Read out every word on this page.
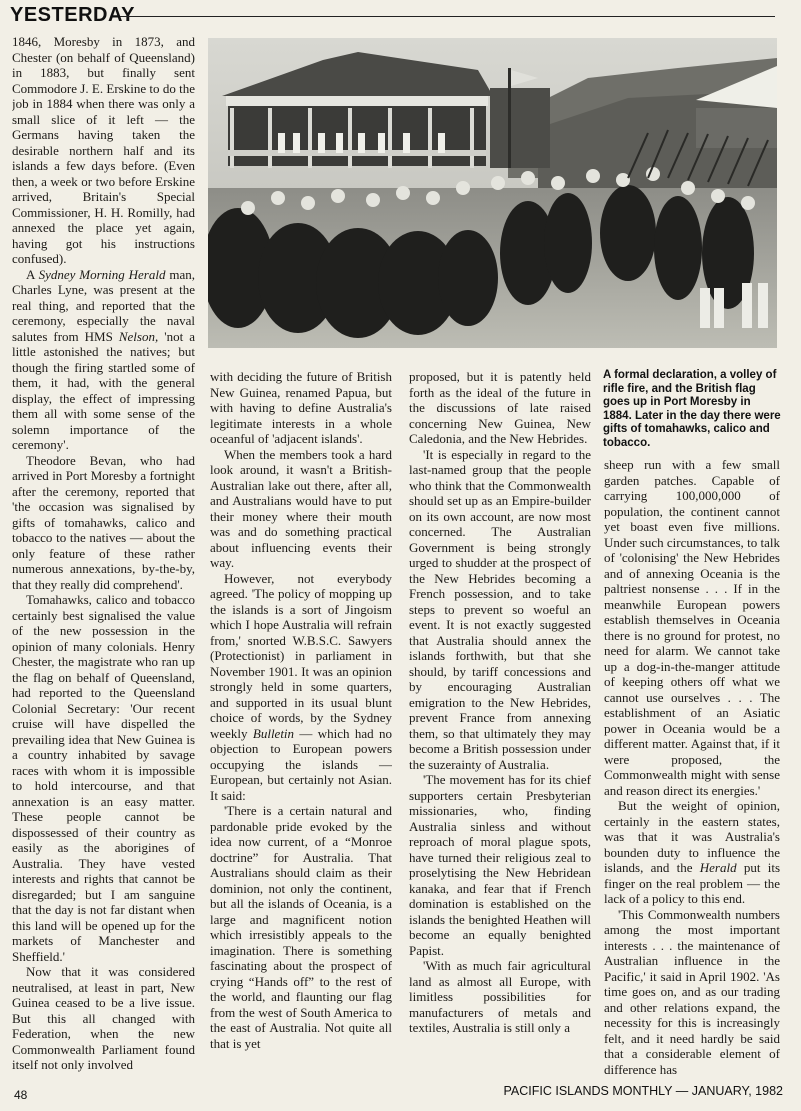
YESTERDAY
A formal declaration, a volley of rifle fire, and the British flag goes up in Port Moresby in 1884. Later in the day there were gifts of tomahawks, calico and tobacco.

1846, Moresby in 1873, and Chester (on behalf of Queensland) in 1883, but finally sent Commodore J. E. Erskine to do the job in 1884 when there was only a small slice of it left — the Germans having taken the desirable northern half and its islands a few days before. (Even then, a week or two before Erskine arrived, Britain's Special Commissioner, H. H. Romilly, had annexed the place yet again, having got his instructions confused).

A Sydney Morning Herald man, Charles Lyne, was present at the real thing, and reported that the ceremony, especially the naval salutes from HMS Nelson, 'not a little astonished the natives; but though the firing startled some of them, it had, with the general display, the effect of impressing them all with some sense of the solemn importance of the ceremony'.

Theodore Bevan, who had arrived in Port Moresby a fortnight after the ceremony, reported that 'the occasion was signalised by gifts of tomahawks, calico and tobacco to the natives — about the only feature of these rather numerous annexations, by-the-by, that they really did comprehend'.

Tomahawks, calico and tobacco certainly best signalised the value of the new possession in the opinion of many colonials. Henry Chester, the magistrate who ran up the flag on behalf of Queensland, had reported to the Queensland Colonial Secretary: 'Our recent cruise will have dispelled the prevailing idea that New Guinea is a country inhabited by savage races with whom it is impossible to hold intercourse, and that annexation is an easy matter. These people cannot be dispossessed of their country as easily as the aborigines of Australia. They have vested interests and rights that cannot be disregarded; but I am sanguine that the day is not far distant when this land will be opened up for the markets of Manchester and Sheffield.'

Now that it was considered neutralised, at least in part, New Guinea ceased to be a live issue. But this all changed with Federation, when the new Commonwealth Parliament found itself not only involved

with deciding the future of British New Guinea, renamed Papua, but with having to define Australia's legitimate interests in a whole oceanful of 'adjacent islands'.

When the members took a hard look around, it wasn't a British-Australian lake out there, after all, and Australians would have to put their money where their mouth was and do something practical about influencing events their way.

However, not everybody agreed. 'The policy of mopping up the islands is a sort of Jingoism which I hope Australia will refrain from,' snorted W.B.S.C. Sawyers (Protectionist) in parliament in November 1901. It was an opinion strongly held in some quarters, and supported in its usual blunt choice of words, by the Sydney weekly Bulletin — which had no objection to European powers occupying the islands — European, but certainly not Asian. It said:

'There is a certain natural and pardonable pride evoked by the idea now current, of a “Monroe doctrine” for Australia. That Australians should claim as their dominion, not only the continent, but all the islands of Oceania, is a large and magnificent notion which irresistibly appeals to the imagination. There is something fascinating about the prospect of crying “Hands off” to the rest of the world, and flaunting our flag from the west of South America to the east of Australia. Not quite all that is yet

proposed, but it is patently held forth as the ideal of the future in the discussions of late raised concerning New Guinea, New Caledonia, and the New Hebrides.

'It is especially in regard to the last-named group that the people who think that the Commonwealth should set up as an Empire-builder on its own account, are now most concerned. The Australian Government is being strongly urged to shudder at the prospect of the New Hebrides becoming a French possession, and to take steps to prevent so woeful an event. It is not exactly suggested that Australia should annex the islands forthwith, but that she should, by tariff concessions and by encouraging Australian emigration to the New Hebrides, prevent France from annexing them, so that ultimately they may become a British possession under the suzerainty of Australia.

'The movement has for its chief supporters certain Presbyterian missionaries, who, finding Australia sinless and without reproach of moral plague spots, have turned their religious zeal to proselytising the New Hebridean kanaka, and fear that if French domination is established on the islands the benighted Heathen will become an equally benighted Papist.

'With as much fair agricultural land as almost all Europe, with limitless possibilities for manufacturers of metals and textiles, Australia is still only a

sheep run with a few small garden patches. Capable of carrying 100,000,000 of population, the continent cannot yet boast even five millions. Under such circumstances, to talk of 'colonising' the New Hebrides and of annexing Oceania is the paltriest nonsense . . . If in the meanwhile European powers establish themselves in Oceania there is no ground for protest, no need for alarm. We cannot take up a dog-in-the-manger attitude of keeping others off what we cannot use ourselves . . . The establishment of an Asiatic power in Oceania would be a different matter. Against that, if it were proposed, the Commonwealth might with sense and reason direct its energies.'

But the weight of opinion, certainly in the eastern states, was that it was Australia's bounden duty to influence the islands, and the Herald put its finger on the real problem — the lack of a policy to this end.

'This Commonwealth numbers among the most important interests . . . the maintenance of Australian influence in the Pacific,' it said in April 1902. 'As time goes on, and as our trading and other relations expand, the necessity for this is increasingly felt, and it need hardly be said that a considerable element of difference has

48	PACIFIC ISLANDS MONTHLY — JANUARY, 1982
